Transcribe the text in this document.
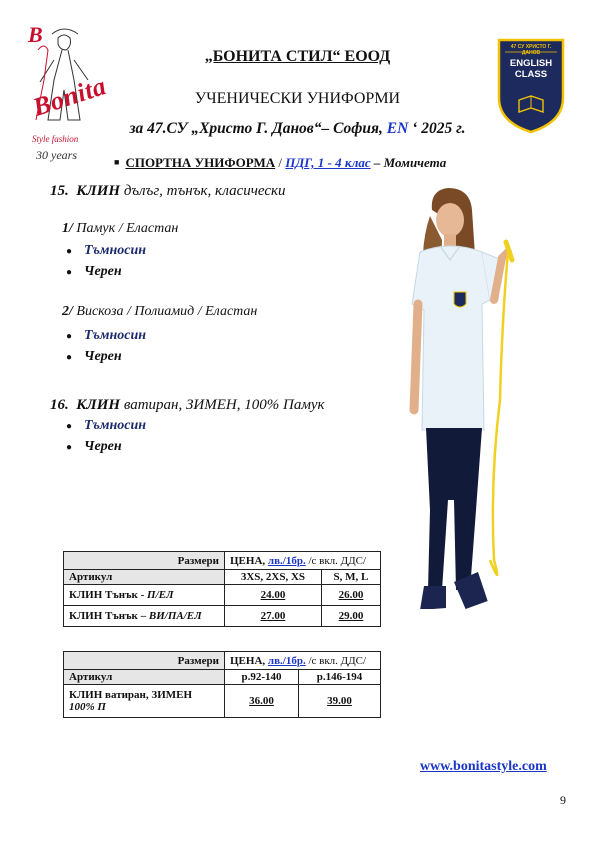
B
Bonita
Style fashion
30 years
47 СУ ХРИСТО Г. ДАНОВ
ENGLISH
CLASS
„БОНИТА СТИЛ“ ЕООД
УЧЕНИЧЕСКИ УНИФОРМИ
за 47.СУ „Христо Г. Данов“– София, EN ‘ 2025 г.
■ СПОРТНА УНИФОРМА / ПДГ, 1 - 4 клас – Момичета
15. КЛИН дълъг, тънък, класически
1/ Памук / Еластан
● Тъмносин
● Черен
2/ Вискоза / Полиамид / Еластан
● Тъмносин
● Черен
16. КЛИН ватиран, ЗИМЕН, 100% Памук
● Тъмносин
● Черен
Размери	ЦЕНА, лв./1бр. /с вкл. ДДС/	
Артикул	3XS, 2XS, XS	S, M, L
КЛИН Тънък - П/ЕЛ	24.00	26.00
КЛИН Тънък – ВИ/ПА/ЕЛ	27.00	29.00
Размери	ЦЕНА, лв./1бр. /с вкл. ДДС/	
Артикул	р.92-140	р.146-194
КЛИН ватиран, ЗИМЕН
100% П	36.00	39.00
www.bonitastyle.com
9
